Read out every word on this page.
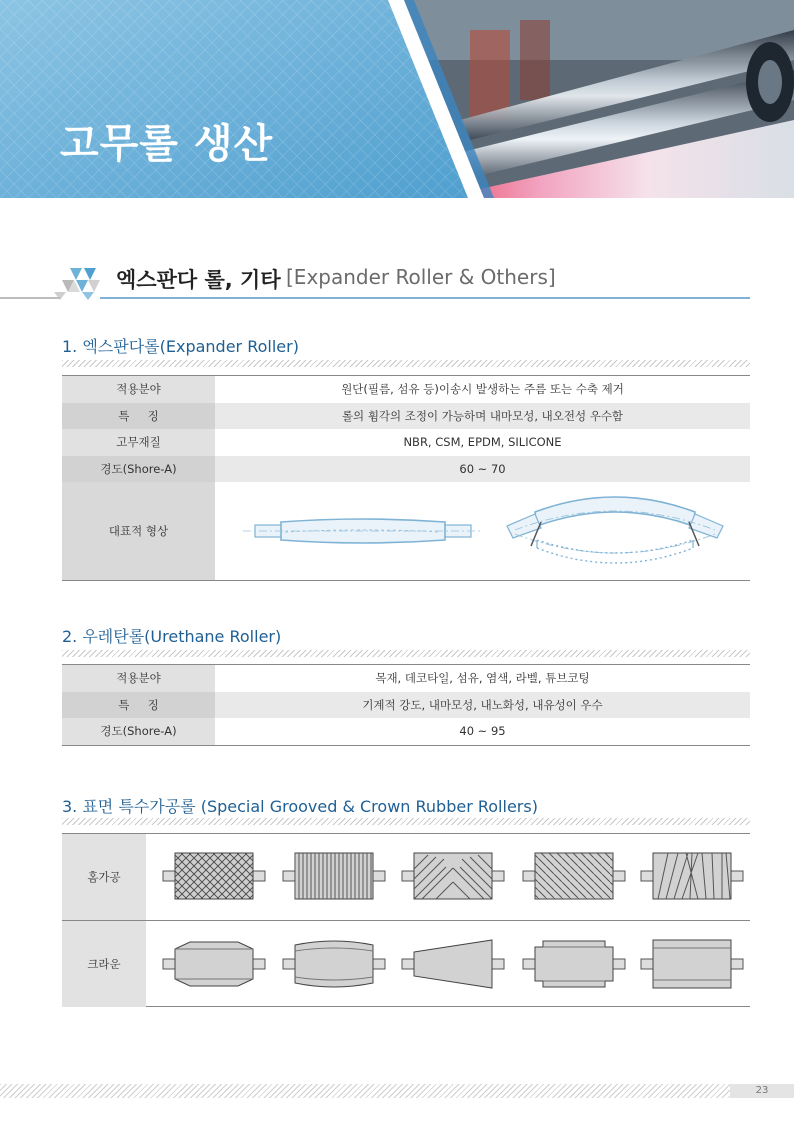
고무롤 생산
엑스판다 롤, 기타 [Expander Roller & Others]
1. 엑스판다롤(Expander Roller)
적용분야	원단(필름, 섬유 등)이송시 발생하는 주름 또는 수축 제거
특     징	롤의 휨각의 조정이 가능하며 내마모성, 내오전성 우수함
고무재질	NBR, CSM, EPDM, SILICONE
경도(Shore-A)	60 ~ 70
대표적 형상
2. 우레탄롤(Urethane Roller)
적용분야	목재, 데코타일, 섬유, 염색, 라벨, 튜브코팅
특     징	기계적 강도, 내마모성, 내노화성, 내유성이 우수
경도(Shore-A)	40 ~ 95
3. 표면 특수가공롤 (Special Grooved & Crown Rubber Rollers)
홈가공
크라운
23
